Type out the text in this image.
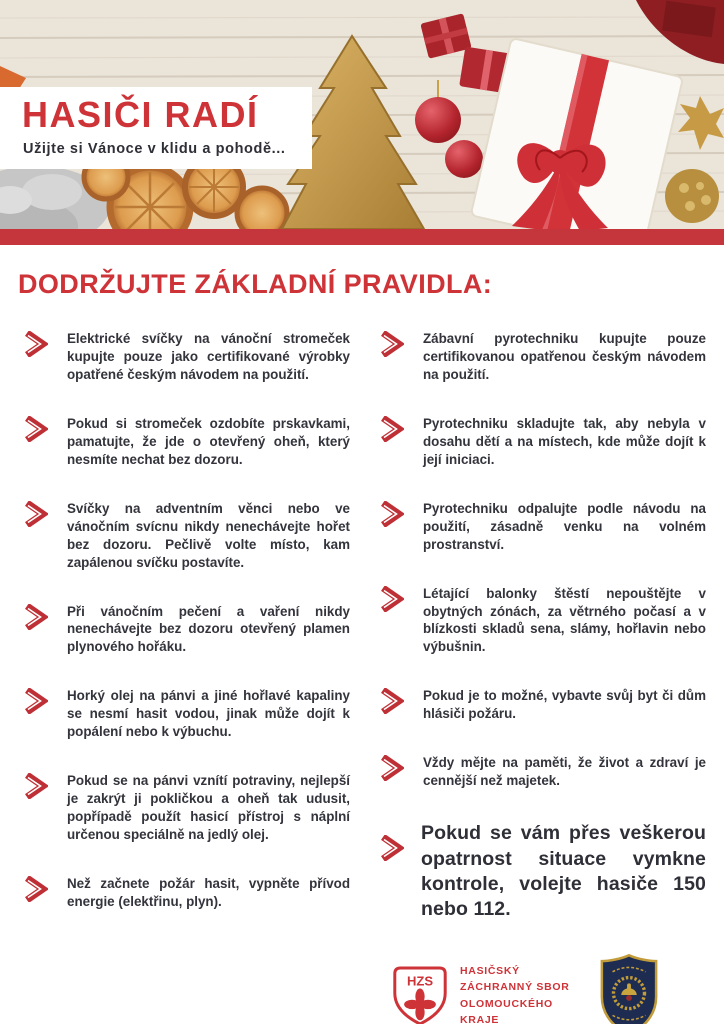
HASIČI RADÍ

Užijte si Vánoce v klidu a pohodě...

DODRŽUJTE ZÁKLADNÍ PRAVIDLA:

Elektrické svíčky na vánoční stromeček kupujte pouze jako certifikované výrobky opatřené českým návodem na použití.

Pokud si stromeček ozdobíte prskavkami, pamatujte, že jde o otevřený oheň, který nesmíte nechat bez dozoru.

Svíčky na adventním věnci nebo ve vánočním svícnu nikdy nenechávejte hořet bez dozoru. Pečlivě volte místo, kam zapálenou svíčku postavíte.

Při vánočním pečení a vaření nikdy nenechávejte bez dozoru otevřený plamen plynového hořáku.

Horký olej na pánvi a jiné hořlavé kapaliny se nesmí hasit vodou, jinak může dojít k popálení nebo k výbuchu.

Pokud se na pánvi vznítí potraviny, nejlepší je zakrýt ji pokličkou a oheň tak udusit, popřípadě použít hasicí přístroj s náplní určenou speciálně na jedlý olej.

Než začnete požár hasit, vypněte přívod energie (elektřinu, plyn).

Zábavní pyrotechniku kupujte pouze certifikovanou opatřenou českým návodem na použití.

Pyrotechniku skladujte tak, aby nebyla v dosahu dětí a na místech, kde může dojít k její iniciaci.

Pyrotechniku odpalujte podle návodu na použití, zásadně venku na volném prostranství.

Létající balonky štěstí nepouštějte v obytných zónách, za větrného počasí a v blízkosti skladů sena, slámy, hořlavin nebo výbušnin.

Pokud je to možné, vybavte svůj byt či dům hlásiči požáru.

Vždy mějte na paměti, že život a zdraví je cennější než majetek.

Pokud se vám přes veškerou opatrnost situace vymkne kontrole, volejte hasiče 150 nebo 112.

HZS
HASIČSKÝ
ZÁCHRANNÝ SBOR
OLOMOUCKÉHO
KRAJE
